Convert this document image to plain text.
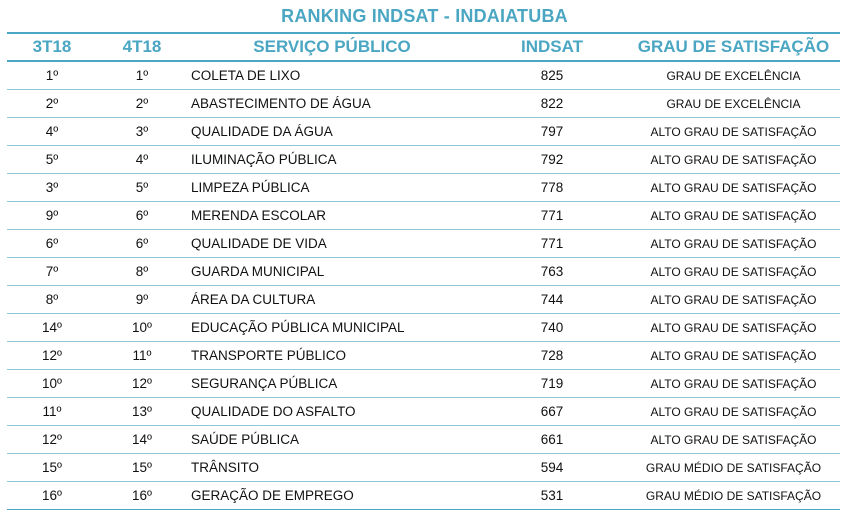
RANKING INDSAT - INDAIATUBA
3T18	4T18	SERVIÇO PÚBLICO	INDSAT	GRAU DE SATISFAÇÃO
1º	1º	COLETA DE LIXO	825	GRAU DE EXCELÊNCIA
2º	2º	ABASTECIMENTO DE ÁGUA	822	GRAU DE EXCELÊNCIA
4º	3º	QUALIDADE DA ÁGUA	797	ALTO GRAU DE SATISFAÇÃO
5º	4º	ILUMINAÇÃO PÚBLICA	792	ALTO GRAU DE SATISFAÇÃO
3º	5º	LIMPEZA PÚBLICA	778	ALTO GRAU DE SATISFAÇÃO
9º	6º	MERENDA ESCOLAR	771	ALTO GRAU DE SATISFAÇÃO
6º	6º	QUALIDADE DE VIDA	771	ALTO GRAU DE SATISFAÇÃO
7º	8º	GUARDA MUNICIPAL	763	ALTO GRAU DE SATISFAÇÃO
8º	9º	ÁREA DA CULTURA	744	ALTO GRAU DE SATISFAÇÃO
14º	10º	EDUCAÇÃO PÚBLICA MUNICIPAL	740	ALTO GRAU DE SATISFAÇÃO
12º	11º	TRANSPORTE PÚBLICO	728	ALTO GRAU DE SATISFAÇÃO
10º	12º	SEGURANÇA PÚBLICA	719	ALTO GRAU DE SATISFAÇÃO
11º	13º	QUALIDADE DO ASFALTO	667	ALTO GRAU DE SATISFAÇÃO
12º	14º	SAÚDE PÚBLICA	661	ALTO GRAU DE SATISFAÇÃO
15º	15º	TRÂNSITO	594	GRAU MÉDIO DE SATISFAÇÃO
16º	16º	GERAÇÃO DE EMPREGO	531	GRAU MÉDIO DE SATISFAÇÃO
